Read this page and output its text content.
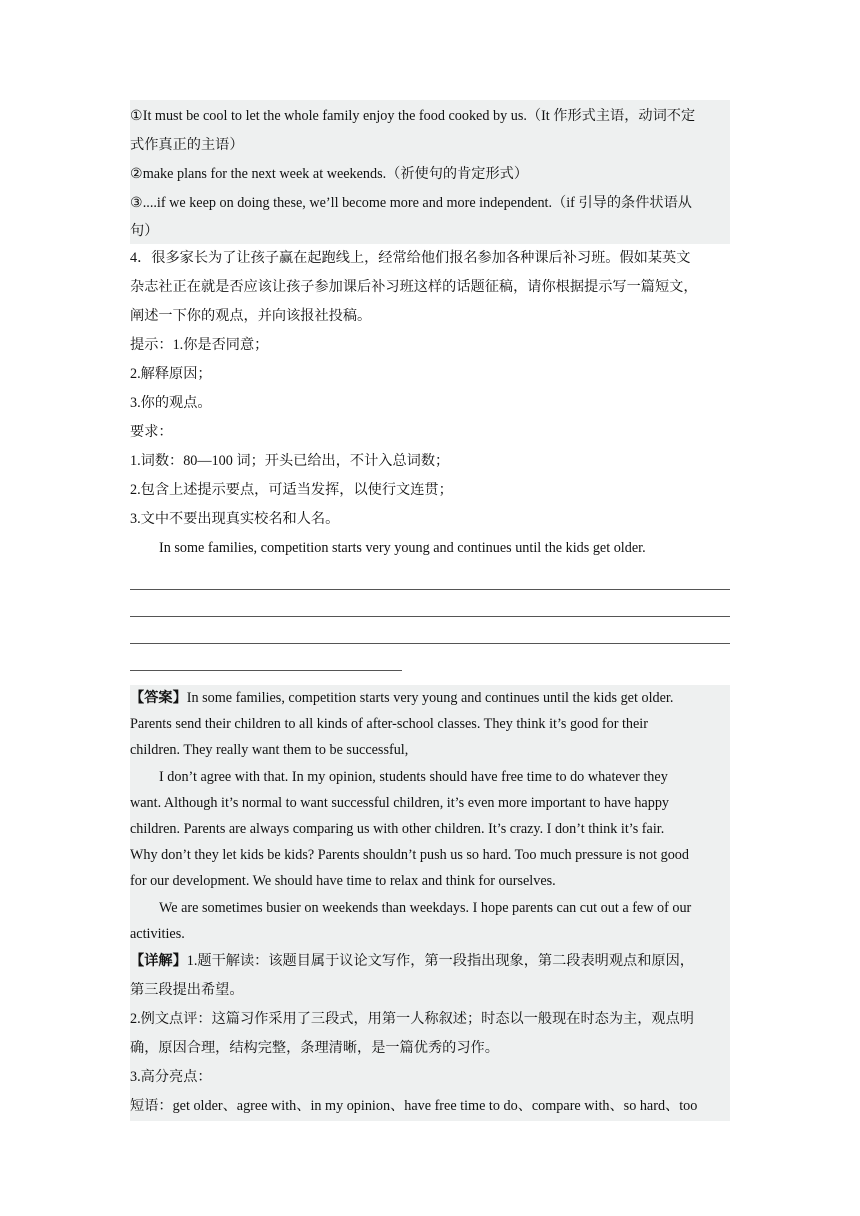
①It must be cool to let the whole family enjoy the food cooked by us.（It 作形式主语，动词不定
式作真正的主语）
②make plans for the next week at weekends.（祈使句的肯定形式）
③....if we keep on doing these, we’ll become more and more independent.（if 引导的条件状语从
句）
4．很多家长为了让孩子赢在起跑线上，经常给他们报名参加各种课后补习班。假如某英文
杂志社正在就是否应该让孩子参加课后补习班这样的话题征稿，请你根据提示写一篇短文，
阐述一下你的观点，并向该报社投稿。
提示：1.你是否同意；
2.解释原因；
3.你的观点。
要求：
1.词数：80—100 词；开头已给出，不计入总词数；
2.包含上述提示要点，可适当发挥，以使行文连贯；
3.文中不要出现真实校名和人名。
In some families, competition starts very young and continues until the kids get older.
【答案】In some families, competition starts very young and continues until the kids get older.
Parents send their children to all kinds of after-school classes. They think it’s good for their
children. They really want them to be successful,
I don’t agree with that. In my opinion, students should have free time to do whatever they
want. Although it’s normal to want successful children, it’s even more important to have happy
children. Parents are always comparing us with other children. It’s crazy. I don’t think it’s fair.
Why don’t they let kids be kids? Parents shouldn’t push us so hard. Too much pressure is not good
for our development. We should have time to relax and think for ourselves.
We are sometimes busier on weekends than weekdays. I hope parents can cut out a few of our
activities.
【详解】1.题干解读：该题目属于议论文写作，第一段指出现象，第二段表明观点和原因，
第三段提出希望。
2.例文点评：这篇习作采用了三段式，用第一人称叙述；时态以一般现在时态为主，观点明
确，原因合理，结构完整，条理清晰，是一篇优秀的习作。
3.高分亮点：
短语：get older、agree with、in my opinion、have free time to do、compare with、so hard、too
